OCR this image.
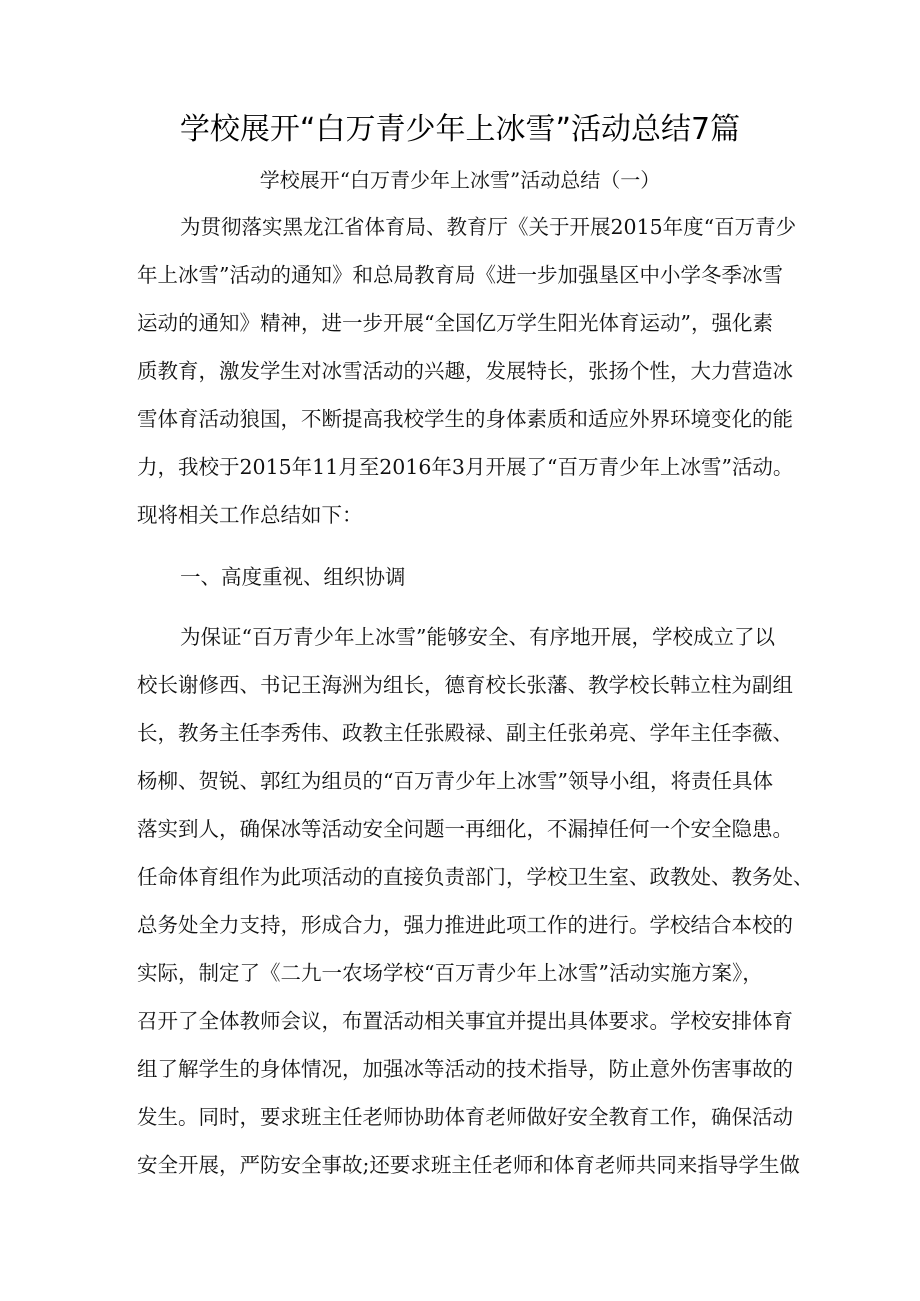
学校展开“白万青少年上冰雪”活动总结7篇
学校展开“白万青少年上冰雪”活动总结（一）
为贯彻落实黑龙江省体育局、教育厅《关于开展2015年度“百万青少
年上冰雪”活动的通知》和总局教育局《进一步加强垦区中小学冬季冰雪
运动的通知》精神，进一步开展“全国亿万学生阳光体育运动”，强化素
质教育，激发学生对冰雪活动的兴趣，发展特长，张扬个性，大力营造冰
雪体育活动狼国，不断提高我校学生的身体素质和适应外界环境变化的能
力，我校于2015年11月至2016年3月开展了“百万青少年上冰雪”活动。
现将相关工作总结如下：
一、高度重视、组织协调
为保证“百万青少年上冰雪”能够安全、有序地开展，学校成立了以
校长谢修西、书记王海洲为组长，德育校长张藩、教学校长韩立柱为副组
长，教务主任李秀伟、政教主任张殿禄、副主任张弟亮、学年主任李薇、
杨柳、贺锐、郭红为组员的“百万青少年上冰雪”领导小组，将责任具体
落实到人，确保冰等活动安全问题一再细化，不漏掉任何一个安全隐患。
任命体育组作为此项活动的直接负责部门，学校卫生室、政教处、教务处、
总务处全力支持，形成合力，强力推进此项工作的进行。学校结合本校的
实际，制定了《二九一农场学校“百万青少年上冰雪”活动实施方案》，
召开了全体教师会议，布置活动相关事宜并提出具体要求。学校安排体育
组了解学生的身体情况，加强冰等活动的技术指导，防止意外伤害事故的
发生。同时，要求班主任老师协助体育老师做好安全教育工作，确保活动
安全开展，严防安全事故;还要求班主任老师和体育老师共同来指导学生做
